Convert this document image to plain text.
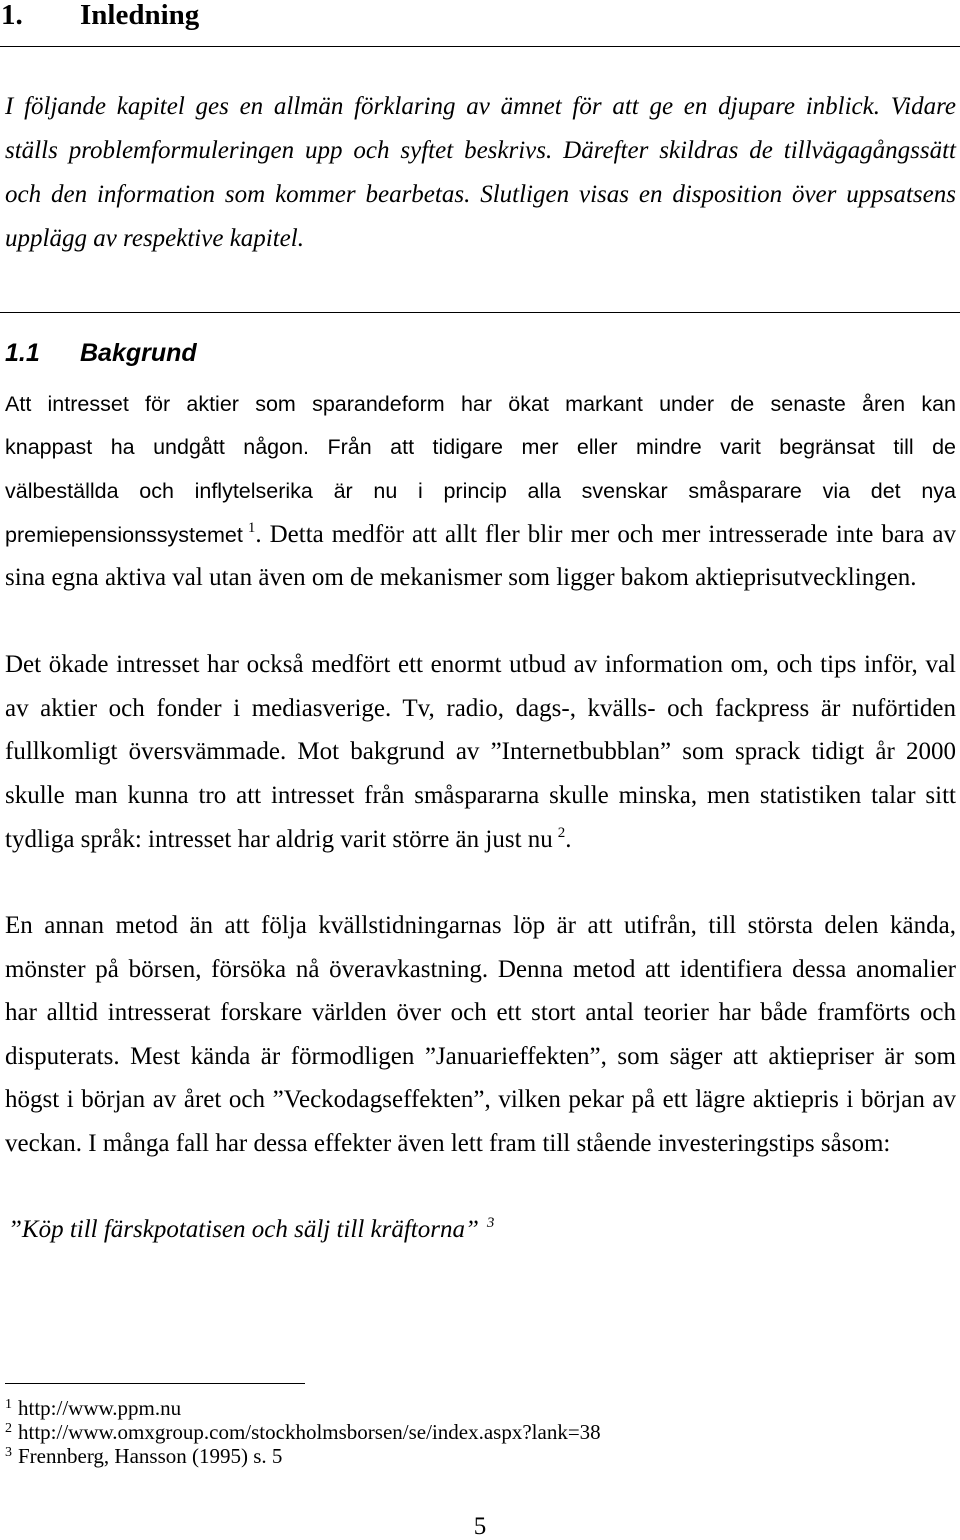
1. Inledning
I följande kapitel ges en allmän förklaring av ämnet för att ge en djupare inblick. Vidare
ställs problemformuleringen upp och syftet beskrivs. Därefter skildras de tillvägagångssätt
och den information som kommer bearbetas. Slutligen visas en disposition över uppsatsens
upplägg av respektive kapitel.
1.1 Bakgrund
Att intresset för aktier som sparandeform har ökat markant under de senaste åren kan
knappast ha undgått någon. Från att tidigare mer eller mindre varit begränsat till de
välbeställda och inflytelserika är nu i princip alla svenskar småsparare via det nya
premiepensionssystemet $^1$. Detta medför att allt fler blir mer och mer intresserade inte bara av
sina egna aktiva val utan även om de mekanismer som ligger bakom aktieprisutvecklingen.
Det ökade intresset har också medfört ett enormt utbud av information om, och tips inför, val
av aktier och fonder i mediasverige. Tv, radio, dags-, kvälls- och fackpress är nuförtiden
fullkomligt översvämmade. Mot bakgrund av ”Internetbubblan” som sprack tidigt år 2000
skulle man kunna tro att intresset från småspararna skulle minska, men statistiken talar sitt
tydliga språk: intresset har aldrig varit större än just nu $^2$.
En annan metod än att följa kvällstidningarnas löp är att utifrån, till största delen kända,
mönster på börsen, försöka nå överavkastning. Denna metod att identifiera dessa anomalier
har alltid intresserat forskare världen över och ett stort antal teorier har både framförts och
disputerats. Mest kända är förmodligen ”Januarieffekten”, som säger att aktiepriser är som
högst i början av året och ”Veckodagseffekten”, vilken pekar på ett lägre aktiepris i början av
veckan. I många fall har dessa effekter även lett fram till stående investeringstips såsom:
”Köp till färskpotatisen och sälj till kräftorna” $^3$
$^1$ http://www.ppm.nu
$^2$ http://www.omxgroup.com/stockholmsborsen/se/index.aspx?lank=38
$^3$ Frennberg, Hansson (1995) s. 5
5
